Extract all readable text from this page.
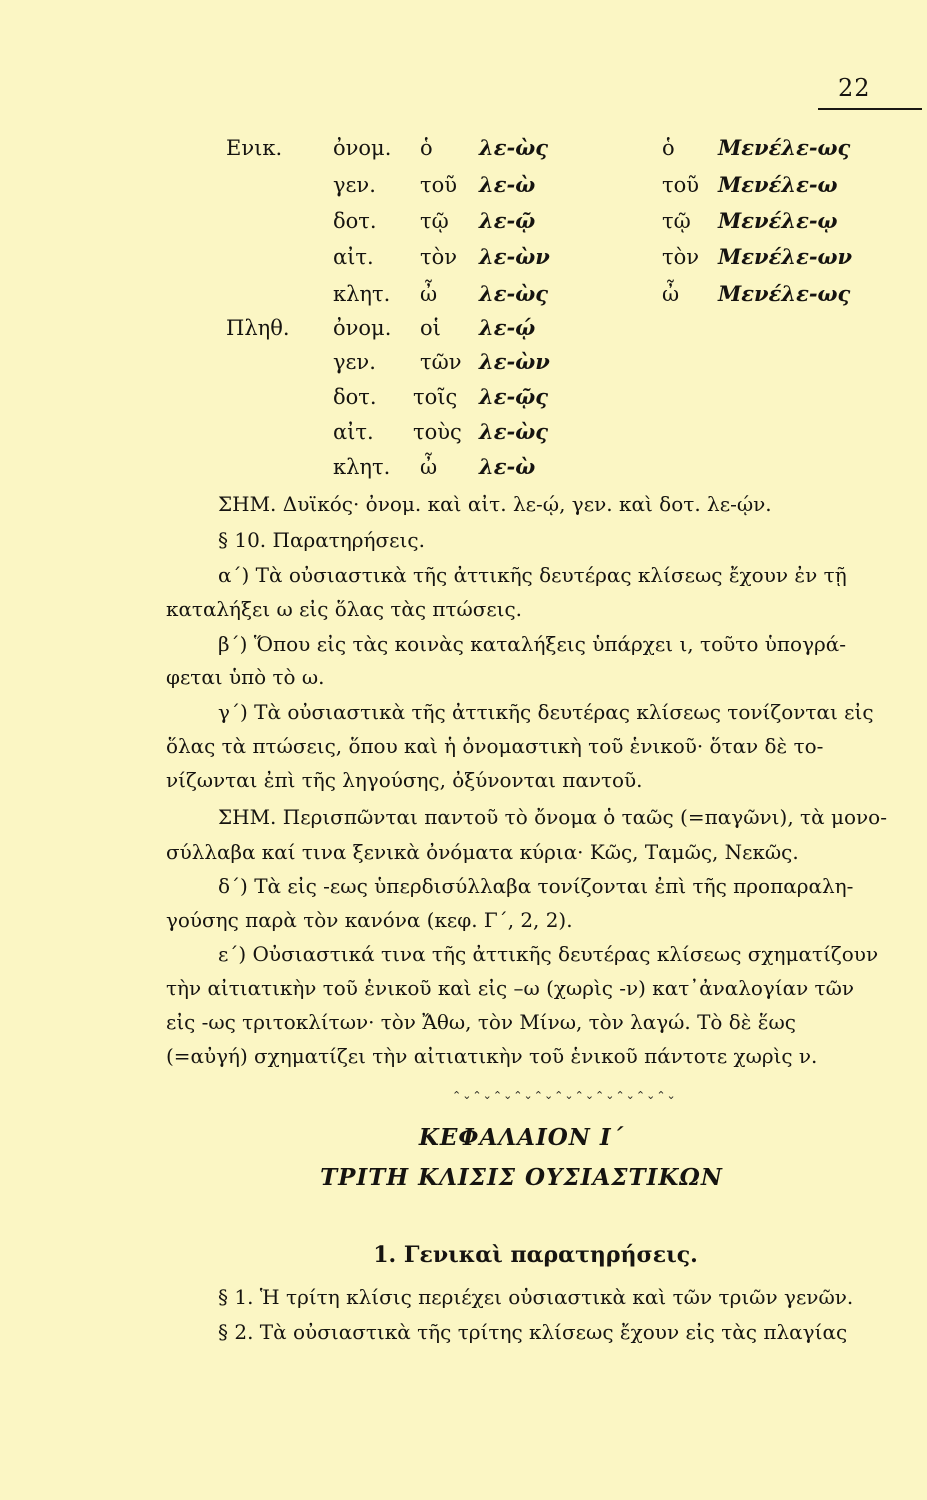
22
Ενικ. ὀνομ. ὁ λε-ὼς	ὁ Μενέλε-ως
γεν. τοῦ λε-ὼ	τοῦ Μενέλε-ω
δοτ. τῷ λε-ῷ	τῷ Μενέλε-ῳ
αἰτ. τὸν λε-ὼν	τὸν Μενέλε-ων
κλητ. ὦ λε-ὼς	ὦ Μενέλε-ως
Πληθ. ὀνομ. οἱ λε-ῴ
γεν. τῶν λε-ὼν
δοτ. τοῖς λε-ῷς
αἰτ. τοὺς λε-ὼς
κλητ. ὦ λε-ὼ
ΣΗΜ. Δυϊκός· ὀνομ. καὶ αἰτ. λε-ῴ, γεν. καὶ δοτ. λε-ῴν.
§ 10. Παρατηρήσεις.
α΄) Τὰ οὐσιαστικὰ τῆς ἀττικῆς δευτέρας κλίσεως ἔχουν ἐν τῇ
καταλήξει ω εἰς ὅλας τὰς πτώσεις.
β΄) Ὅπου εἰς τὰς κοινὰς καταλήξεις ὑπάρχει ι, τοῦτο ὑπογρά-
φεται ὑπὸ τὸ ω.
γ΄) Τὰ οὐσιαστικὰ τῆς ἀττικῆς δευτέρας κλίσεως τονίζονται εἰς
ὅλας τὰ πτώσεις, ὅπου καὶ ἡ ὀνομαστικὴ τοῦ ἑνικοῦ· ὅταν δὲ το-
νίζωνται ἐπὶ τῆς ληγούσης, ὀξύνονται παντοῦ.
ΣΗΜ. Περισπῶνται παντοῦ τὸ ὄνομα ὁ ταῶς (=παγῶνι), τὰ μονο-
σύλλαβα καί τινα ξενικὰ ὀνόματα κύρια· Κῶς, Ταμῶς, Νεκῶς.
δ΄) Τὰ εἰς -εως ὑπερδισύλλαβα τονίζονται ἐπὶ τῆς προπαραλη-
γούσης παρὰ τὸν κανόνα (κεφ. Γ΄, 2, 2).
ε΄) Οὐσιαστικά τινα τῆς ἀττικῆς δευτέρας κλίσεως σχηματίζουν
τὴν αἰτιατικὴν τοῦ ἑνικοῦ καὶ εἰς –ω (χωρὶς -ν) κατ᾿ἀναλογίαν τῶν
εἰς -ως τριτοκλίτων· τὸν Ἄθω, τὸν Μίνω, τὸν λαγώ. Τὸ δὲ ἕως
(=αὐγή) σχηματίζει τὴν αἰτιατικὴν τοῦ ἑνικοῦ πάντοτε χωρὶς ν.
⌃⌄⌃⌄⌃⌄⌃⌄⌃⌄⌃⌄⌃⌄⌃⌄⌃⌄⌃⌄⌃⌄
ΚΕΦΑΛΑΙΟΝ Ι΄
ΤΡΙΤΗ ΚΛΙΣΙΣ ΟΥΣΙΑΣΤΙΚΩΝ
1. Γενικαὶ παρατηρήσεις.
§ 1. Ἡ τρίτη κλίσις περιέχει οὐσιαστικὰ καὶ τῶν τριῶν γενῶν.
§ 2. Τὰ οὐσιαστικὰ τῆς τρίτης κλίσεως ἔχουν εἰς τὰς πλαγίας
